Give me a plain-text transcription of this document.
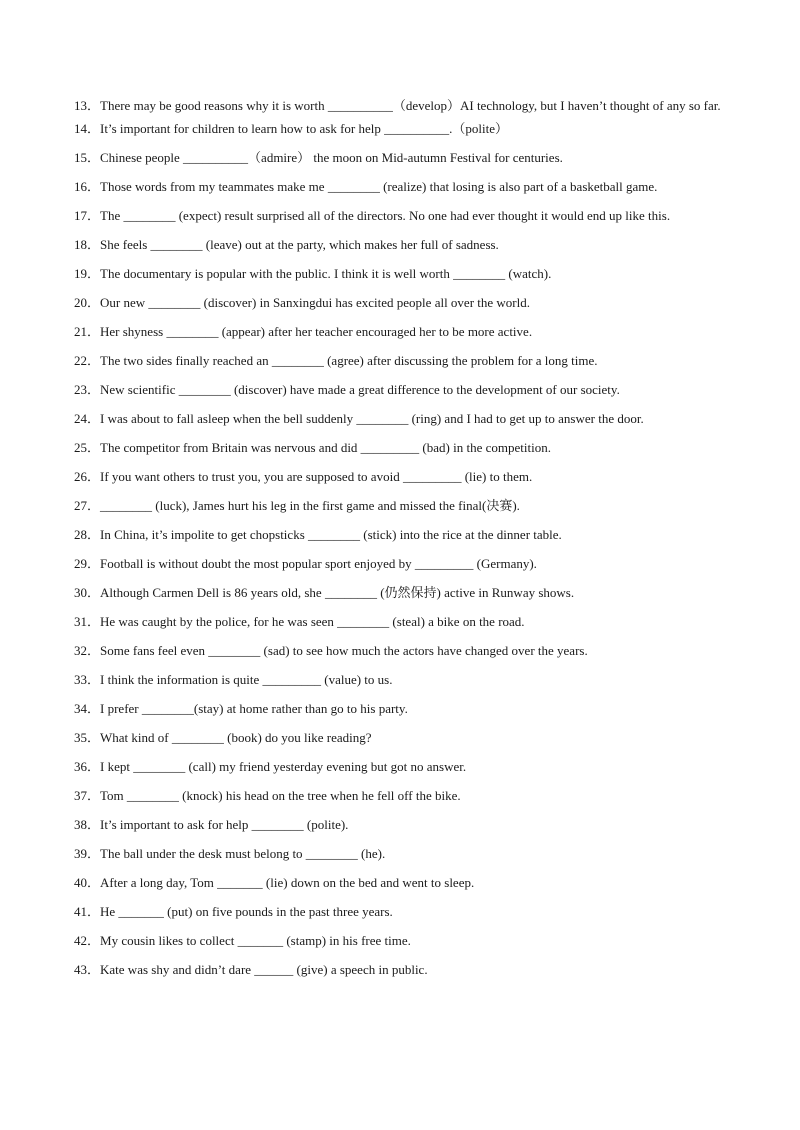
13．There may be good reasons why it is worth __________（develop）AI technology, but I haven’t thought of any so far.
14．It’s important for children to learn how to ask for help __________.（polite）
15．Chinese people __________（admire） the moon on Mid-autumn Festival for centuries.
16．Those words from my teammates make me ________ (realize) that losing is also part of a basketball game.
17．The ________ (expect) result surprised all of the directors. No one had ever thought it would end up like this.
18．She feels ________ (leave) out at the party, which makes her full of sadness.
19．The documentary is popular with the public. I think it is well worth ________ (watch).
20．Our new ________ (discover) in Sanxingdui has excited people all over the world.
21．Her shyness ________ (appear) after her teacher encouraged her to be more active.
22．The two sides finally reached an ________ (agree) after discussing the problem for a long time.
23．New scientific ________ (discover) have made a great difference to the development of our society.
24．I was about to fall asleep when the bell suddenly ________ (ring) and I had to get up to answer the door.
25．The competitor from Britain was nervous and did _________ (bad) in the competition.
26．If you want others to trust you, you are supposed to avoid _________ (lie) to them.
27．________ (luck), James hurt his leg in the first game and missed the final(决赛).
28．In China, it’s impolite to get chopsticks ________ (stick) into the rice at the dinner table.
29．Football is without doubt the most popular sport enjoyed by _________ (Germany).
30．Although Carmen Dell is 86 years old, she ________ (仍然保持) active in Runway shows.
31．He was caught by the police, for he was seen ________ (steal) a bike on the road.
32．Some fans feel even ________ (sad) to see how much the actors have changed over the years.
33．I think the information is quite _________ (value) to us.
34．I prefer ________(stay) at home rather than go to his party.
35．What kind of ________ (book) do you like reading?
36．I kept ________ (call) my friend yesterday evening but got no answer.
37．Tom ________ (knock) his head on the tree when he fell off the bike.
38．It’s important to ask for help ________ (polite).
39．The ball under the desk must belong to ________ (he).
40．After a long day, Tom _______ (lie) down on the bed and went to sleep.
41．He _______ (put) on five pounds in the past three years.
42．My cousin likes to collect _______ (stamp) in his free time.
43．Kate was shy and didn’t dare ______ (give) a speech in public.
